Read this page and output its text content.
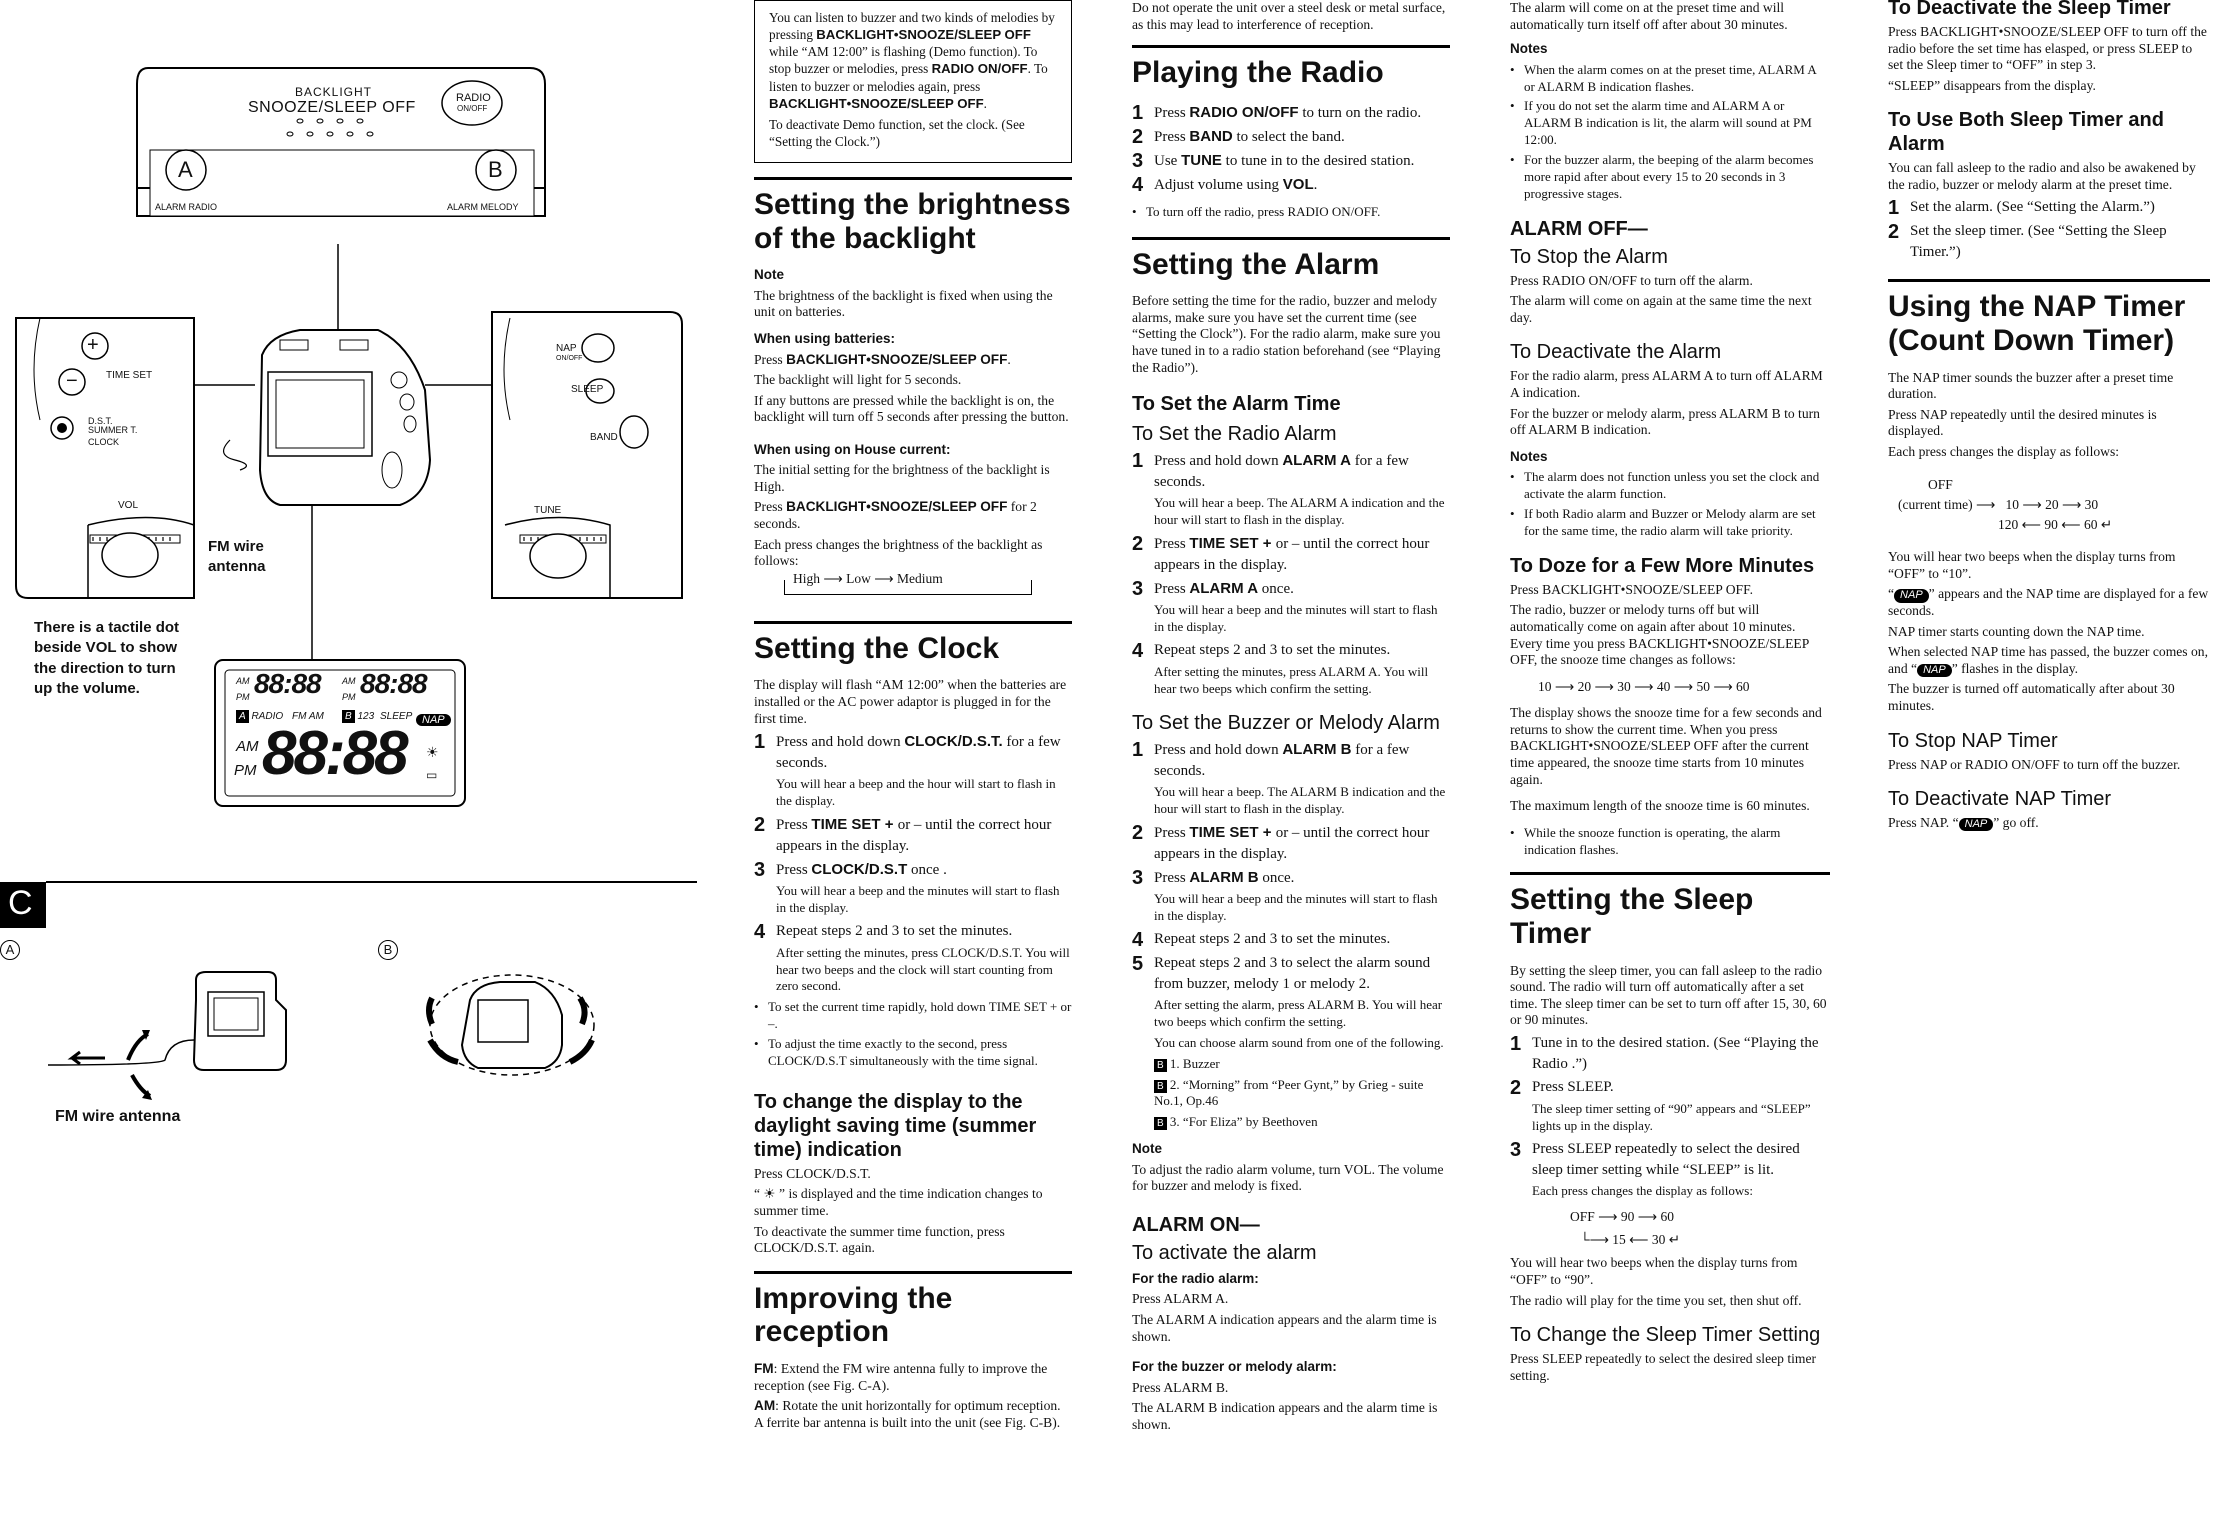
BACKLIGHT
SNOOZE/SLEEP OFF
RADIO
ON/OFF
A	B
ALARM RADIO	ALARM MELODY
+
−	TIME SET
D.S.T.
SUMMER T.
CLOCK
VOL
NAP
ON/OFF
SLEEP
BAND
TUNE
FM wire antenna
There is a tactile dot beside VOL to show the direction to turn up the volume.	AM
PM 88:88 AM
PM 88:88
A RADIO FM AM	B 123 SLEEP NAP
AM
PM 88:88 ☀
▭
C
A	B
FM wire antenna

You can listen to buzzer and two kinds of melodies by pressing BACKLIGHT•SNOOZE/SLEEP OFF while “AM 12:00” is flashing (Demo function). To stop buzzer or melodies, press RADIO ON/OFF. To listen to buzzer or melodies again, press BACKLIGHT•SNOOZE/SLEEP OFF.

To deactivate Demo function, set the clock. (See “Setting the Clock.”)

Setting the brightness of the backlight
Note

The brightness of the backlight is fixed when using the unit on batteries.

When using batteries:

Press BACKLIGHT•SNOOZE/SLEEP OFF.

The backlight will light for 5 seconds.

If any buttons are pressed while the backlight is on, the backlight will turn off 5 seconds after pressing the button.

When using on House current:

The initial setting for the brightness of the backlight is High.

Press BACKLIGHT•SNOOZE/SLEEP OFF for 2 seconds.

Each press changes the brightness of the backlight as follows:

High ⟶ Low ⟶ Medium
Setting the Clock

The display will flash “AM 12:00” when the batteries are installed or the AC power adaptor is plugged in for the first time.

1 Press and hold down CLOCK/D.S.T. for a few seconds.
You will hear a beep and the hour will start to flash in the display.
2 Press TIME SET + or – until the correct hour appears in the display.
3 Press CLOCK/D.S.T once .
You will hear a beep and the minutes will start to flash in the display.
4 Repeat steps 2 and 3 to set the minutes.
After setting the minutes, press CLOCK/D.S.T. You will hear two beeps and the clock will start counting from zero second.
• To set the current time rapidly, hold down TIME SET + or –.
• To adjust the time exactly to the second, press CLOCK/D.S.T simultaneously with the time signal.
To change the display to the daylight saving time (summer time) indication

Press CLOCK/D.S.T.

“ ☀ ” is displayed and the time indication changes to summer time.

To deactivate the summer time function, press CLOCK/D.S.T. again.

Improving the reception

FM: Extend the FM wire antenna fully to improve the reception (see Fig. C-A).

AM: Rotate the unit horizontally for optimum reception. A ferrite bar antenna is built into the unit (see Fig. C-B).

Do not operate the unit over a steel desk or metal surface, as this may lead to interference of reception.

Playing the Radio
1 Press RADIO ON/OFF to turn on the radio.
2 Press BAND to select the band.
3 Use TUNE to tune in to the desired station.
4 Adjust volume using VOL.
• To turn off the radio, press RADIO ON/OFF.
Setting the Alarm

Before setting the time for the radio, buzzer and melody alarms, make sure you have set the current time (see “Setting the Clock”). For the radio alarm, make sure you have tuned in to a radio station beforehand (see “Playing the Radio”).

To Set the Alarm Time
To Set the Radio Alarm
1 Press and hold down ALARM A for a few seconds.
You will hear a beep. The ALARM A indication and the hour will start to flash in the display.
2 Press TIME SET + or – until the correct hour appears in the display.
3 Press ALARM A once.
You will hear a beep and the minutes will start to flash in the display.
4 Repeat steps 2 and 3 to set the minutes.
After setting the minutes, press ALARM A. You will hear two beeps which confirm the setting.
To Set the Buzzer or Melody Alarm
1 Press and hold down ALARM B for a few seconds.
You will hear a beep. The ALARM B indication and the hour will start to flash in the display.
2 Press TIME SET + or – until the correct hour appears in the display.
3 Press ALARM B once.
You will hear a beep and the minutes will start to flash in the display.
4 Repeat steps 2 and 3 to set the minutes.
5 Repeat steps 2 and 3 to select the alarm sound from buzzer, melody 1 or melody 2.
After setting the alarm, press ALARM B. You will hear two beeps which confirm the setting.
You can choose alarm sound from one of the following.
B 1. Buzzer
B 2. “Morning” from “Peer Gynt,” by Grieg - suite No.1, Op.46
B 3. “For Eliza” by Beethoven
Note

To adjust the radio alarm volume, turn VOL. The volume for buzzer and melody is fixed.

ALARM ON—
To activate the alarm
For the radio alarm:

Press ALARM A.

The ALARM A indication appears and the alarm time is shown.

For the buzzer or melody alarm:

Press ALARM B.

The ALARM B indication appears and the alarm time is shown.

The alarm will come on at the preset time and will automatically turn itself off after about 30 minutes.

Notes
• When the alarm comes on at the preset time, ALARM A or ALARM B indication flashes.
• If you do not set the alarm time and ALARM A or ALARM B indication is lit, the alarm will sound at PM 12:00.
• For the buzzer alarm, the beeping of the alarm becomes more rapid after about every 15 to 20 seconds in 3 progressive stages.
ALARM OFF—
To Stop the Alarm

Press RADIO ON/OFF to turn off the alarm.

The alarm will come on again at the same time the next day.

To Deactivate the Alarm

For the radio alarm, press ALARM A to turn off ALARM A indication.

For the buzzer or melody alarm, press ALARM B to turn off ALARM B indication.

Notes
• The alarm does not function unless you set the clock and activate the alarm function.
• If both Radio alarm and Buzzer or Melody alarm are set for the same time, the radio alarm will take priority.
To Doze for a Few More Minutes

Press BACKLIGHT•SNOOZE/SLEEP OFF.

The radio, buzzer or melody turns off but will automatically come on again after about 10 minutes. Every time you press BACKLIGHT•SNOOZE/SLEEP OFF, the snooze time changes as follows:

10 ⟶ 20 ⟶ 30 ⟶ 40 ⟶ 50 ⟶ 60

The display shows the snooze time for a few seconds and returns to show the current time. When you press BACKLIGHT•SNOOZE/SLEEP OFF after the current time appeared, the snooze time starts from 10 minutes again.

The maximum length of the snooze time is 60 minutes.

• While the snooze function is operating, the alarm indication flashes.
Setting the Sleep Timer

By setting the sleep timer, you can fall asleep to the radio sound. The radio will turn off automatically after a set time. The sleep timer can be set to turn off after 15, 30, 60 or 90 minutes.

1 Tune in to the desired station. (See “Playing the Radio .”)
2 Press SLEEP.
The sleep timer setting of “90” appears and “SLEEP” lights up in the display.
3 Press SLEEP repeatedly to select the desired sleep timer setting while “SLEEP” is lit.
Each press changes the display as follows:
OFF ⟶ 90 ⟶ 60
└⟶ 15 ⟵ 30 ↵

You will hear two beeps when the display turns from “OFF” to “90”.

The radio will play for the time you set, then shut off.

To Change the Sleep Timer Setting

Press SLEEP repeatedly to select the desired sleep timer setting.

To Deactivate the Sleep Timer

Press BACKLIGHT•SNOOZE/SLEEP OFF to turn off the radio before the set time has elasped, or press SLEEP to set the Sleep timer to “OFF” in step 3.

“SLEEP” disappears from the display.

To Use Both Sleep Timer and Alarm

You can fall asleep to the radio and also be awakened by the radio, buzzer or melody alarm at the preset time.

1 Set the alarm. (See “Setting the Alarm.”)
2 Set the sleep timer. (See “Setting the Sleep Timer.”)
Using the NAP Timer (Count Down Timer)

The NAP timer sounds the buzzer after a preset time duration.

Press NAP repeatedly until the desired minutes is displayed.

Each press changes the display as follows:

OFF
(current time) ⟶   10 ⟶ 20 ⟶ 30
120 ⟵ 90 ⟵ 60 ↵

You will hear two beeps when the display turns from “OFF” to “10”.

“ NAP ” appears and the NAP time are displayed for a few seconds.

NAP timer starts counting down the NAP time.

When selected NAP time has passed, the buzzer comes on, and “ NAP ” flashes in the display.

The buzzer is turned off automatically after about 30 minutes.

To Stop NAP Timer

Press NAP or RADIO ON/OFF to turn off the buzzer.

To Deactivate NAP Timer

Press NAP. “ NAP ” go off.
